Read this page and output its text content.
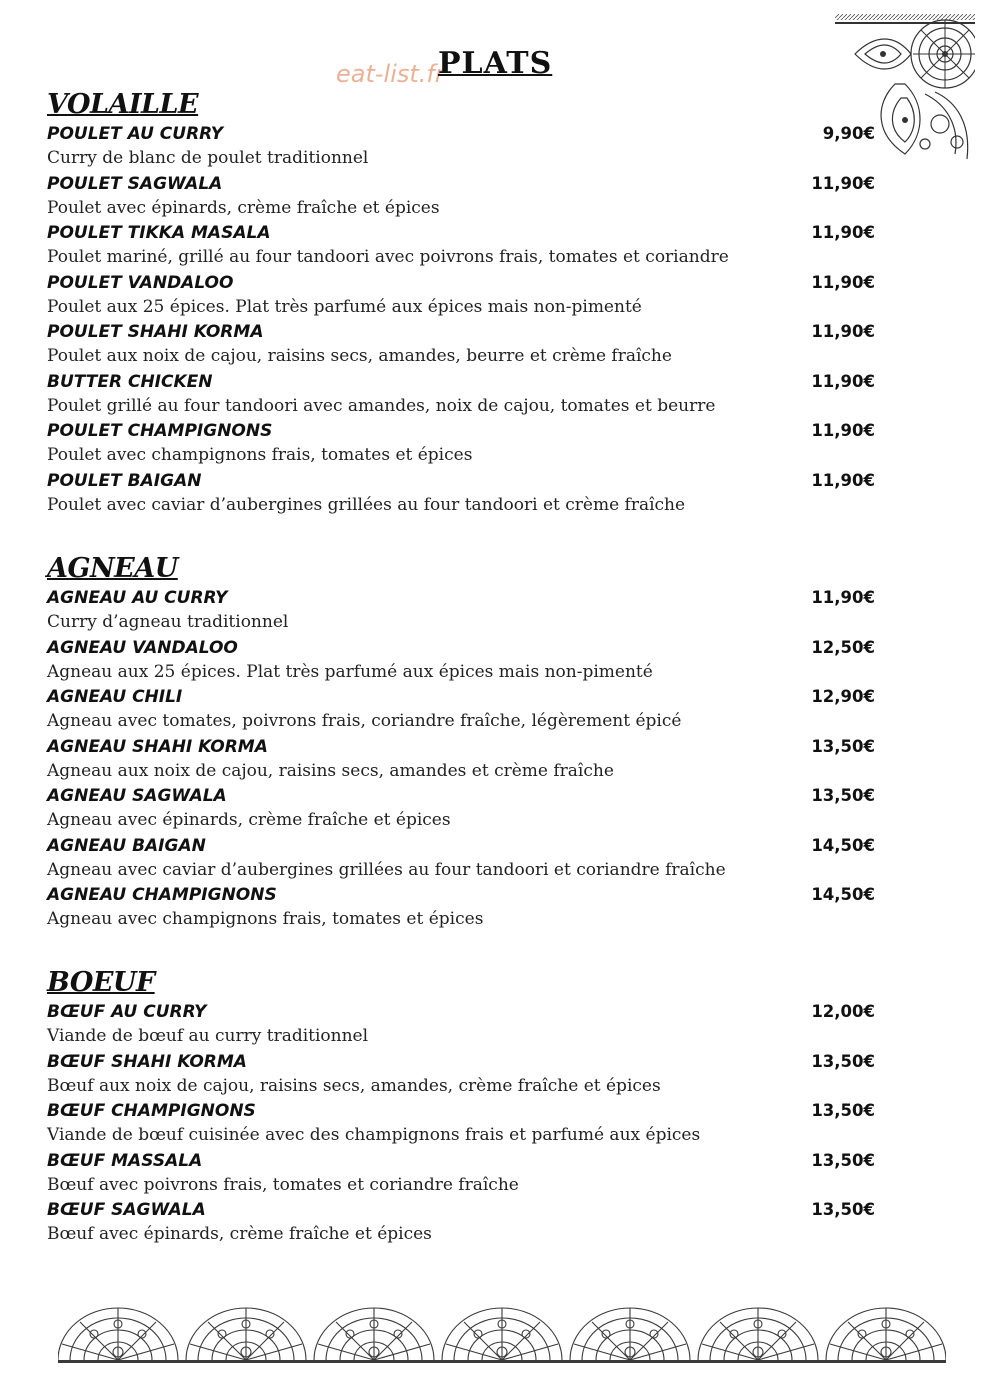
eat-list.fr
PLATS
VOLAILLE
POULET AU CURRY	9,90€
Curry de blanc de poulet traditionnel
POULET SAGWALA	11,90€
Poulet avec épinards, crème fraîche et épices
POULET TIKKA MASALA	11,90€
Poulet mariné, grillé au four tandoori avec poivrons frais, tomates et coriandre
POULET VANDALOO	11,90€
Poulet aux 25 épices. Plat très parfumé aux épices mais non-pimenté
POULET SHAHI KORMA	11,90€
Poulet aux noix de cajou, raisins secs, amandes, beurre et crème fraîche
BUTTER CHICKEN	11,90€
Poulet grillé au four tandoori avec amandes, noix de cajou, tomates et beurre
POULET CHAMPIGNONS	11,90€
Poulet avec champignons frais, tomates et épices
POULET BAIGAN	11,90€
Poulet avec caviar d’aubergines grillées au four tandoori et crème fraîche
AGNEAU
AGNEAU AU CURRY	11,90€
Curry d’agneau traditionnel
AGNEAU VANDALOO	12,50€
Agneau aux 25 épices. Plat très parfumé aux épices mais non-pimenté
AGNEAU CHILI	12,90€
Agneau avec tomates, poivrons frais, coriandre fraîche, légèrement épicé
AGNEAU SHAHI KORMA	13,50€
Agneau aux noix de cajou, raisins secs, amandes et crème fraîche
AGNEAU SAGWALA	13,50€
Agneau avec épinards, crème fraîche et épices
AGNEAU BAIGAN	14,50€
Agneau avec caviar d’aubergines grillées au four tandoori et coriandre fraîche
AGNEAU CHAMPIGNONS	14,50€
Agneau avec champignons frais, tomates et épices
BOEUF
BŒUF AU CURRY	12,00€
Viande de bœuf au curry traditionnel
BŒUF SHAHI KORMA	13,50€
Bœuf aux noix de cajou, raisins secs, amandes, crème fraîche et épices
BŒUF CHAMPIGNONS	13,50€
Viande de bœuf cuisinée avec des champignons frais et parfumé aux épices
BŒUF MASSALA	13,50€
Bœuf avec poivrons frais, tomates et coriandre fraîche
BŒUF SAGWALA	13,50€
Bœuf avec épinards, crème fraîche et épices
